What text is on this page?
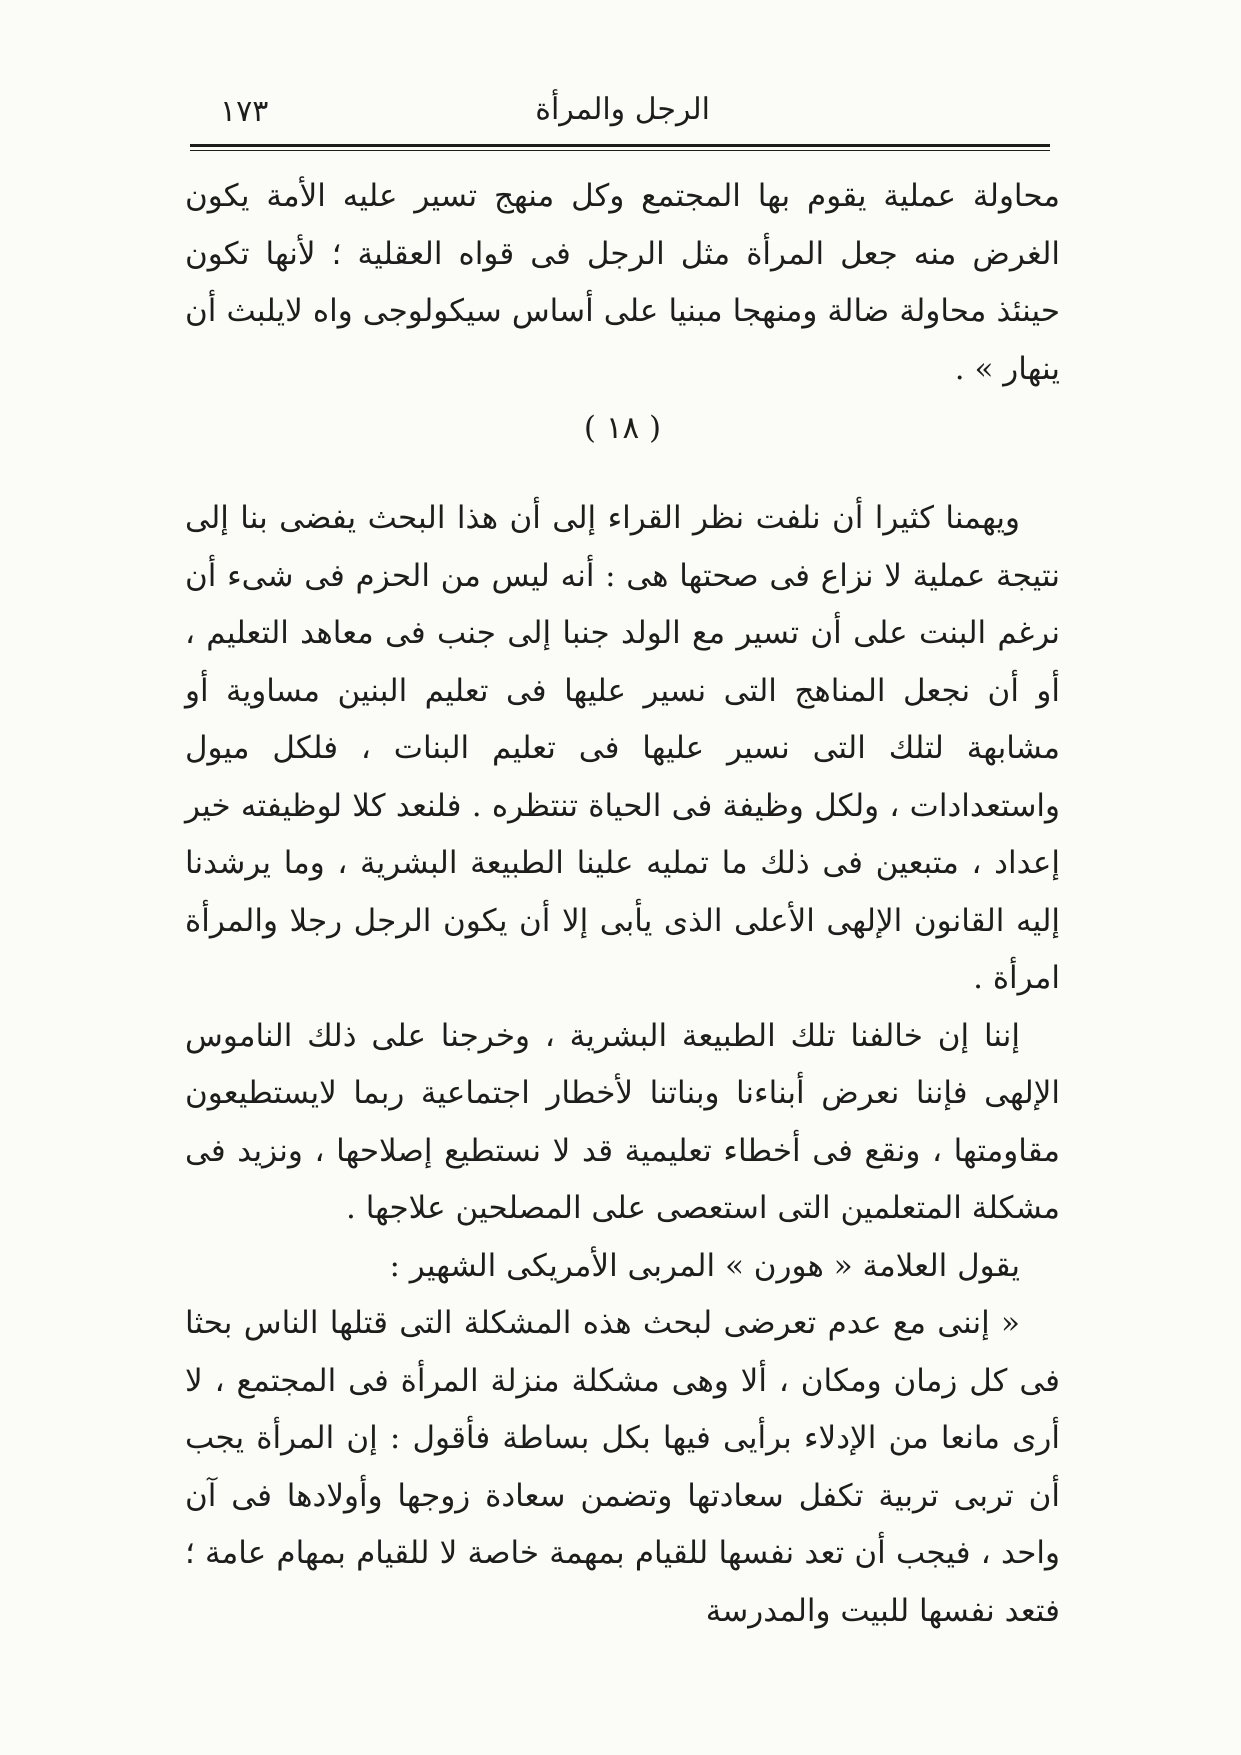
الرجل والمرأة
١٧٣

محاولة عملية يقوم بها المجتمع وكل منهج تسير عليه الأمة يكون الغرض منه جعل المرأة مثل الرجل فى قواه العقلية ؛ لأنها تكون حينئذ محاولة ضالة ومنهجا مبنيا على أساس سيكولوجى واه لايلبث أن ينهار » .

( ١٨ )

ويهمنا كثيرا أن نلفت نظر القراء إلى أن هذا البحث يفضى بنا إلى نتيجة عملية لا نزاع فى صحتها هى : أنه ليس من الحزم فى شىء أن نرغم البنت على أن تسير مع الولد جنبا إلى جنب فى معاهد التعليم ، أو أن نجعل المناهج التى نسير عليها فى تعليم البنين مساوية أو مشابهة لتلك التى نسير عليها فى تعليم البنات ، فلكل ميول واستعدادات ، ولكل وظيفة فى الحياة تنتظره . فلنعد كلا لوظيفته خير إعداد ، متبعين فى ذلك ما تمليه علينا الطبيعة البشرية ، وما يرشدنا إليه القانون الإلهى الأعلى الذى يأبى إلا أن يكون الرجل رجلا والمرأة امرأة .

إننا إن خالفنا تلك الطبيعة البشرية ، وخرجنا على ذلك الناموس الإلهى فإننا نعرض أبناءنا وبناتنا لأخطار اجتماعية ربما لايستطيعون مقاومتها ، ونقع فى أخطاء تعليمية قد لا نستطيع إصلاحها ، ونزيد فى مشكلة المتعلمين التى استعصى على المصلحين علاجها .

يقول العلامة « هورن » المربى الأمريكى الشهير :

« إننى مع عدم تعرضى لبحث هذه المشكلة التى قتلها الناس بحثا فى كل زمان ومكان ، ألا وهى مشكلة منزلة المرأة فى المجتمع ، لا أرى مانعا من الإدلاء برأيى فيها بكل بساطة فأقول : إن المرأة يجب أن تربى تربية تكفل سعادتها وتضمن سعادة زوجها وأولادها فى آن واحد ، فيجب أن تعد نفسها للقيام بمهمة خاصة لا للقيام بمهام عامة ؛ فتعد نفسها للبيت والمدرسة
